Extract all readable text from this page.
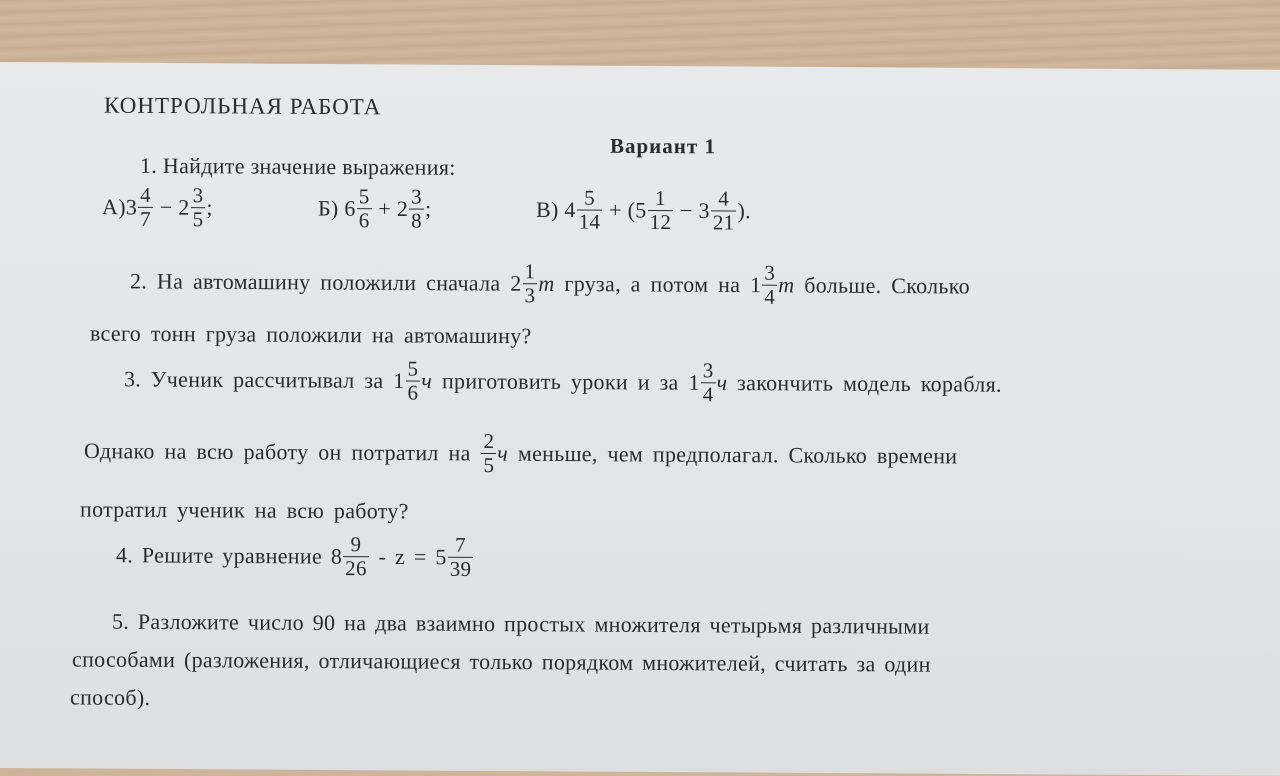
КОНТРОЛЬНАЯ РАБОТА
Вариант 1
1. Найдите значение выражения:
$А)3 \frac{4}{7} - 2 \frac{3}{5}$ ;	Б) $6 \frac{5}{6} + 2 \frac{3}{8}$ ;	В) $4 \frac{5}{14} + (5 \frac{1}{12} - 3 \frac{4}{21}$ ).
2. На автомашину положили сначала $2 \frac{1}{3}$ т груза, а потом на $1 \frac{3}{4}$ т больше. Сколько
всего тонн груза положили на автомашину?
3. Ученик рассчитывал за $1 \frac{5}{6}$ ч приготовить уроки и за $1 \frac{3}{4}$ ч закончить модель корабля.
Однако на всю работу он потратил на $\frac{2}{5}$ ч меньше, чем предполагал. Сколько времени
потратил ученик на всю работу?
4. Решите уравнение $8 \frac{9}{26} - z = 5 \frac{7}{39}$
5. Разложите число 90 на два взаимно простых множителя четырьмя различными
способами (разложения, отличающиеся только порядком множителей, считать за один
способ).
